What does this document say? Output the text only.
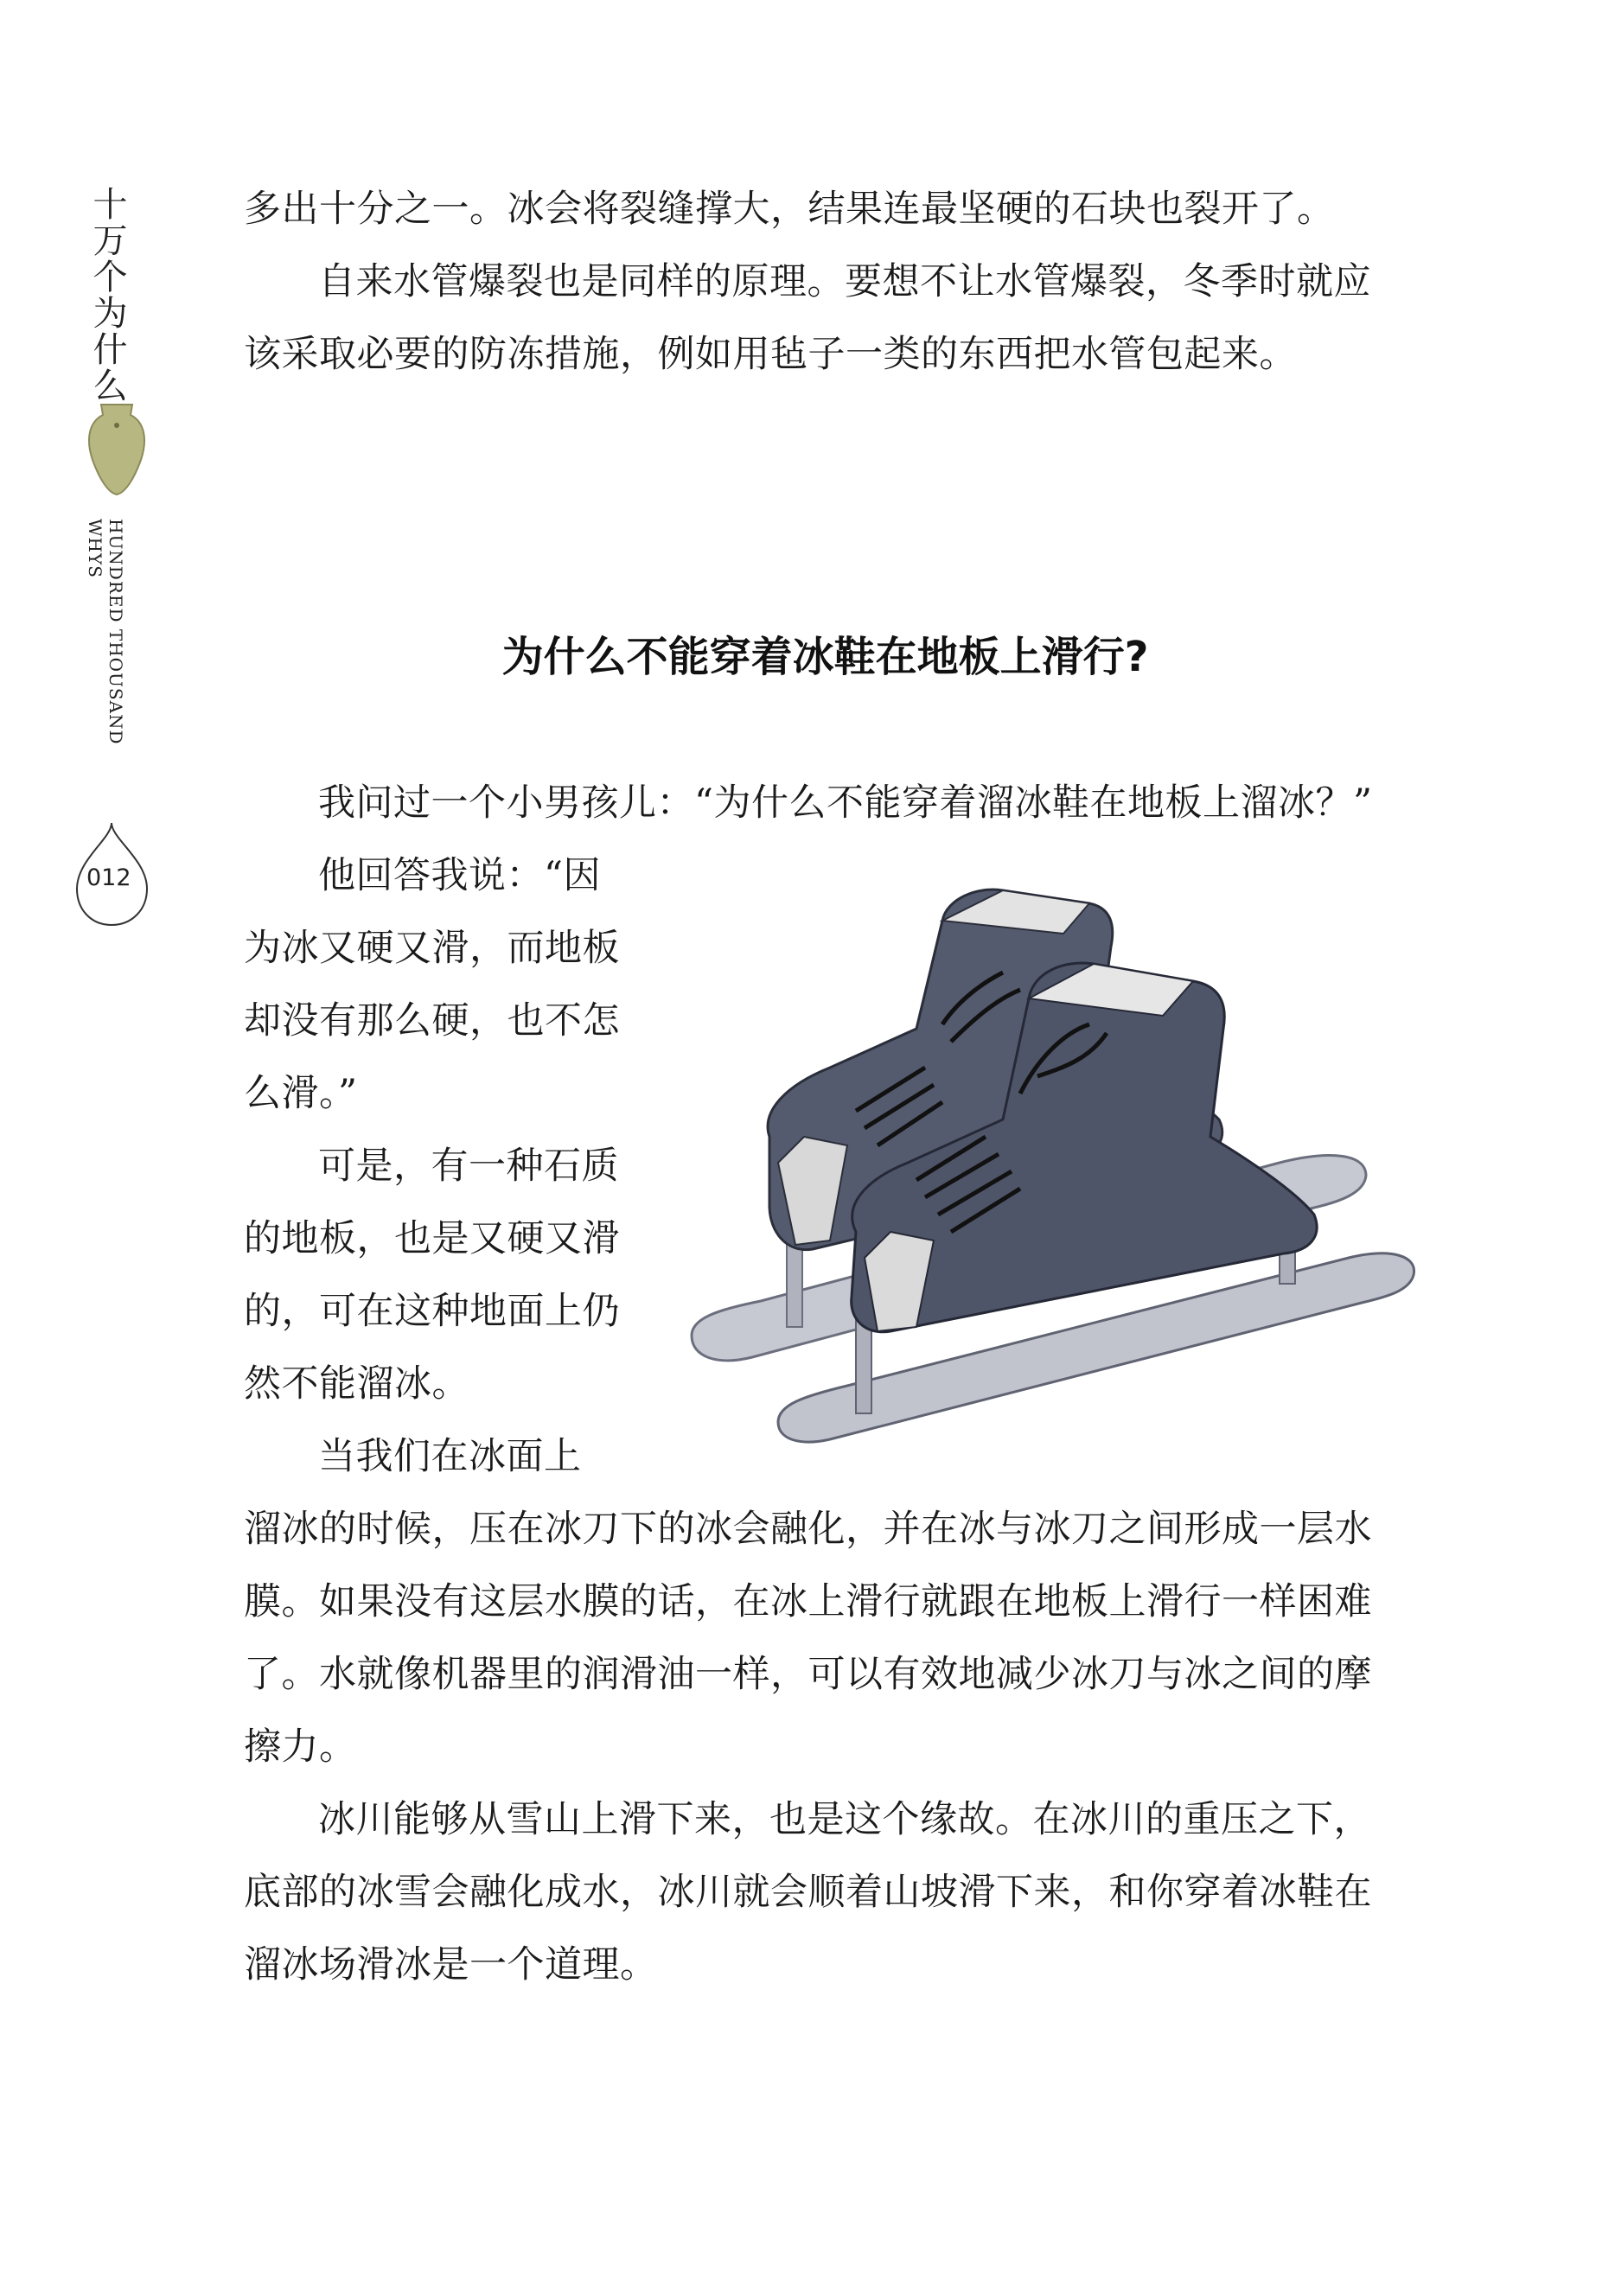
十万个为什么
HUNDRED THOUSAND WHYS
012

多出十分之一。冰会将裂缝撑大，结果连最坚硬的石块也裂开了。

自来水管爆裂也是同样的原理。要想不让水管爆裂，冬季时就应该采取必要的防冻措施，例如用毡子一类的东西把水管包起来。

为什么不能穿着冰鞋在地板上滑行?

我问过一个小男孩儿：“为什么不能穿着溜冰鞋在地板上溜冰？”

他回答我说：“因为冰又硬又滑，而地板却没有那么硬，也不怎么滑。”

可是，有一种石质的地板，也是又硬又滑的，可在这种地面上仍然不能溜冰。

当我们在冰面上

溜冰的时候，压在冰刀下的冰会融化，并在冰与冰刀之间形成一层水膜。如果没有这层水膜的话，在冰上滑行就跟在地板上滑行一样困难了。水就像机器里的润滑油一样，可以有效地减少冰刀与冰之间的摩擦力。

冰川能够从雪山上滑下来，也是这个缘故。在冰川的重压之下，底部的冰雪会融化成水，冰川就会顺着山坡滑下来，和你穿着冰鞋在溜冰场滑冰是一个道理。
